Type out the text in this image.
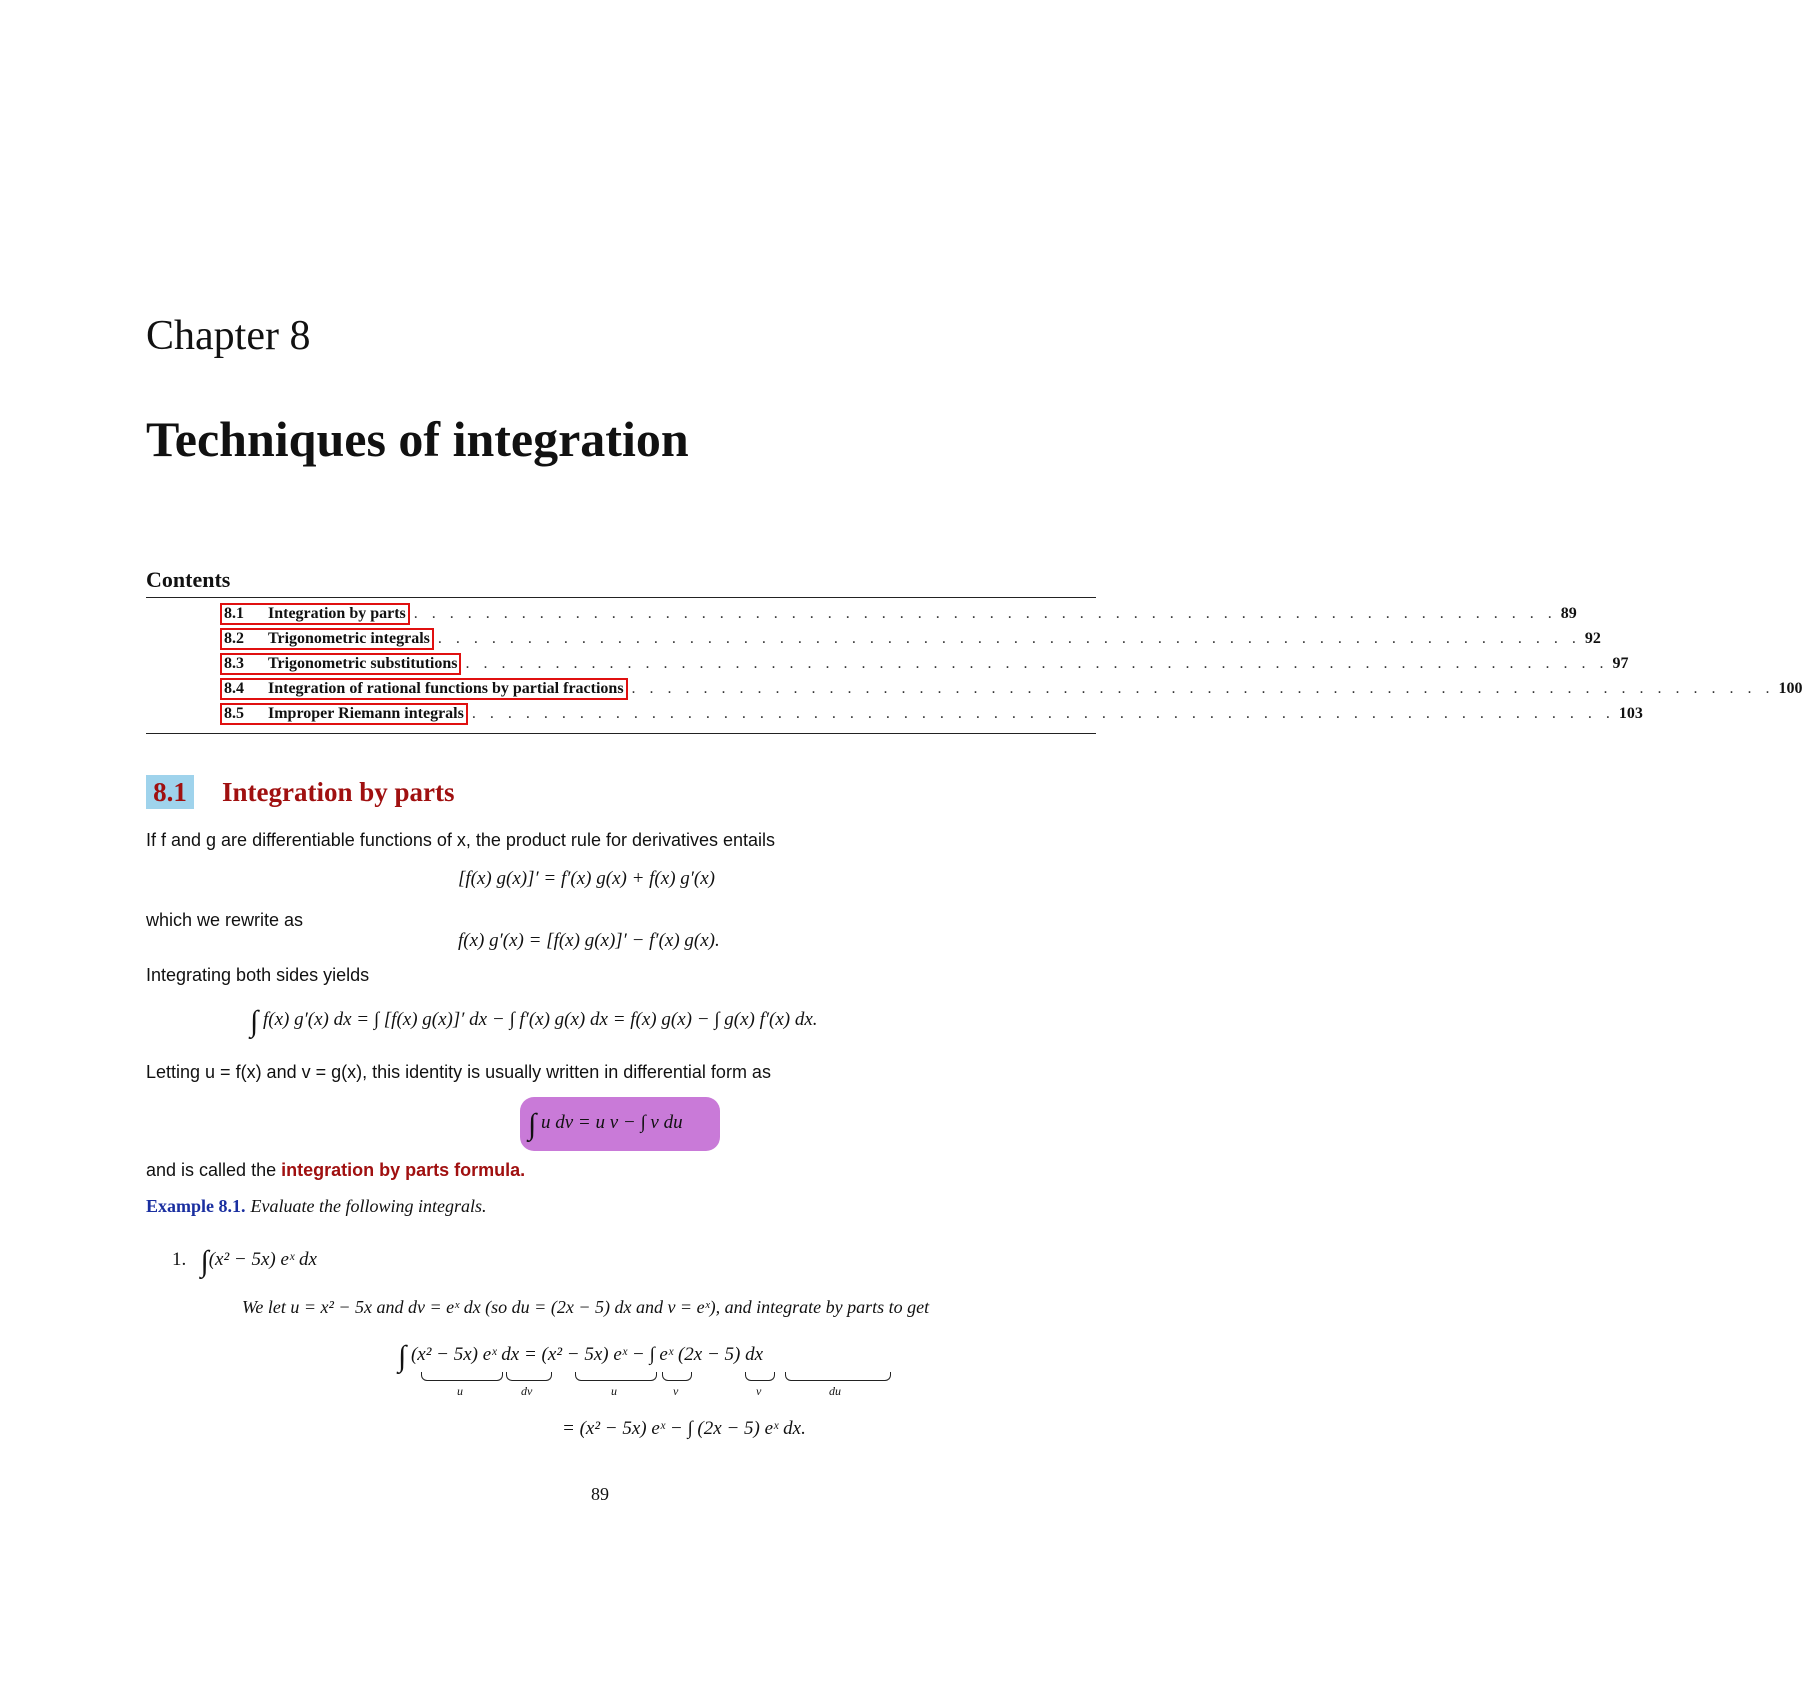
Chapter 8
Techniques of integration
Contents
8.1	Integration by parts . . . . . . . . . . . . . . . . . . . . . . . . . . . . . . . . . . . . . . . . . . . . . . . . . . . . . . . . . . . . . . . . 89
8.2	Trigonometric integrals . . . . . . . . . . . . . . . . . . . . . . . . . . . . . . . . . . . . . . . . . . . . . . . . . . . . . . . . . . . . . . . . 92
8.3	Trigonometric substitutions . . . . . . . . . . . . . . . . . . . . . . . . . . . . . . . . . . . . . . . . . . . . . . . . . . . . . . . . . . . . . . . . 97
8.4	Integration of rational functions by partial fractions . . . . . . . . . . . . . . . . . . . . . . . . . . . . . . . . . . . . . . . . . . . . . . . . . . . . . . . . . . . . . . . . 100
8.5	Improper Riemann integrals . . . . . . . . . . . . . . . . . . . . . . . . . . . . . . . . . . . . . . . . . . . . . . . . . . . . . . . . . . . . . . . . 103
8.1 Integration by parts
If f and g are differentiable functions of x, the product rule for derivatives entails
[f(x) g(x)]′ = f′(x) g(x) + f(x) g′(x)
which we rewrite as
f(x) g′(x) = [f(x) g(x)]′ − f′(x) g(x).
Integrating both sides yields
∫ f(x) g′(x) dx = ∫ [f(x) g(x)]′ dx − ∫ f′(x) g(x) dx = f(x) g(x) − ∫ g(x) f′(x) dx.
Letting u = f(x) and v = g(x), this identity is usually written in differential form as
∫ u dv = u v − ∫ v du
and is called the integration by parts formula.
Example 8.1. Evaluate the following integrals.
1. ∫(x² − 5x) eˣ dx
We let u = x² − 5x and dv = eˣ dx (so du = (2x − 5) dx and v = eˣ), and integrate by parts to get
∫ (x² − 5x) eˣ dx = (x² − 5x) eˣ − ∫ eˣ (2x − 5) dx
u	dv	u	v	v	du
= (x² − 5x) eˣ − ∫ (2x − 5) eˣ dx.
89
